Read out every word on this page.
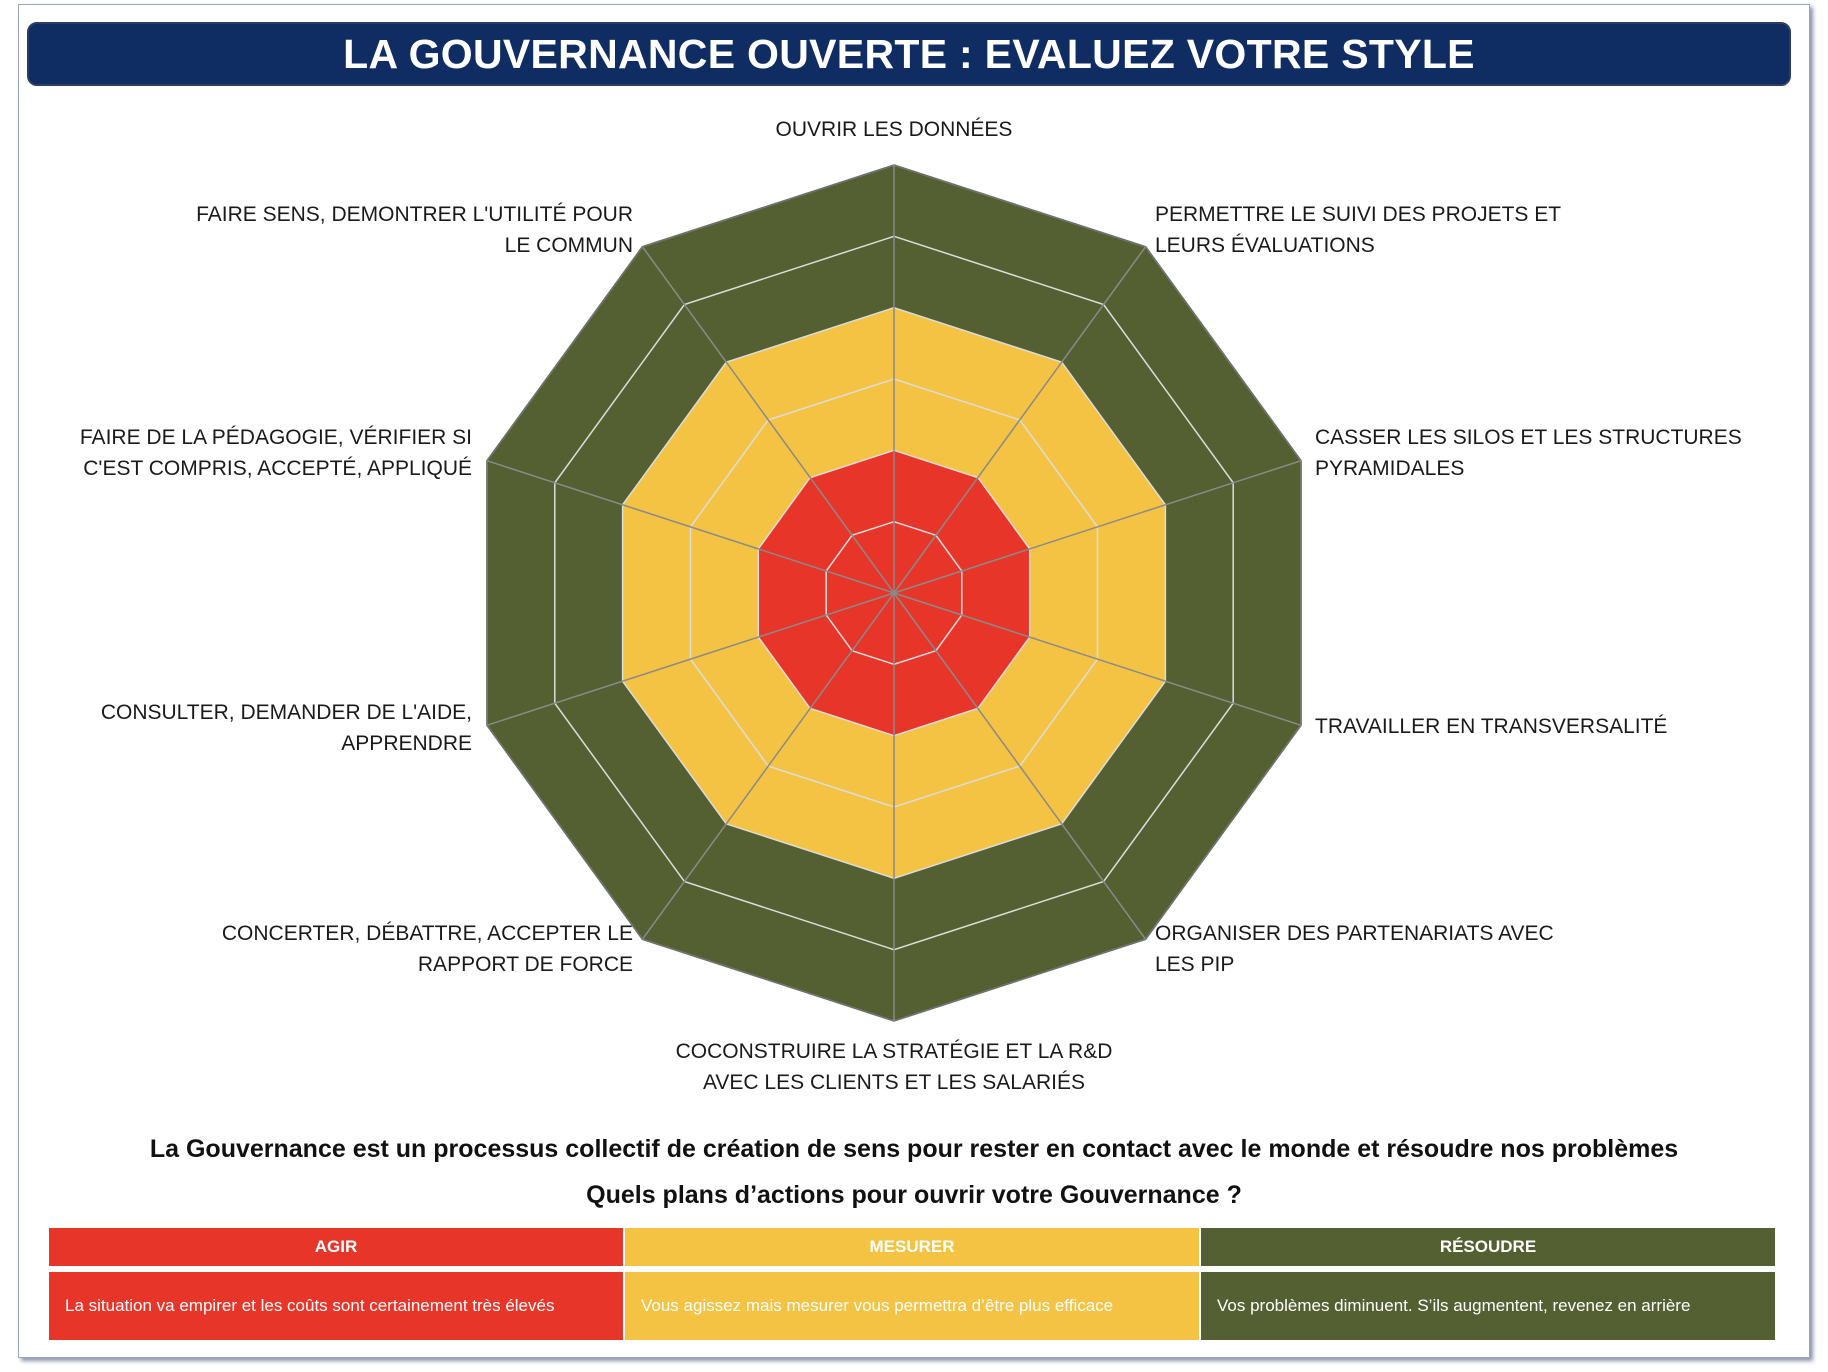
LA GOUVERNANCE OUVERTE : EVALUEZ VOTRE STYLE
OUVRIR LES DONNÉES
PERMETTRE LE SUIVI DES PROJETS ET
LEURS ÉVALUATIONS
CASSER LES SILOS ET LES STRUCTURES
PYRAMIDALES
TRAVAILLER EN TRANSVERSALITÉ
ORGANISER DES PARTENARIATS AVEC
LES PIP
COCONSTRUIRE LA STRATÉGIE ET LA R&D
AVEC LES CLIENTS ET LES SALARIÉS
CONCERTER, DÉBATTRE, ACCEPTER LE
RAPPORT DE FORCE
CONSULTER, DEMANDER DE L'AIDE,
APPRENDRE
FAIRE DE LA PÉDAGOGIE, VÉRIFIER SI
C'EST COMPRIS, ACCEPTÉ, APPLIQUÉ
FAIRE SENS, DEMONTRER L'UTILITÉ POUR
LE COMMUN
La Gouvernance est un processus collectif de création de sens pour rester en contact avec le monde et résoudre nos problèmes
Quels plans d’actions pour ouvrir votre Gouvernance ?
AGIR	MESURER	RÉSOUDRE
La situation va empirer et les coûts sont certainement très élevés	Vous agissez mais mesurer vous permettra d’être plus efficace	Vos problèmes diminuent. S’ils augmentent, revenez en arrière
